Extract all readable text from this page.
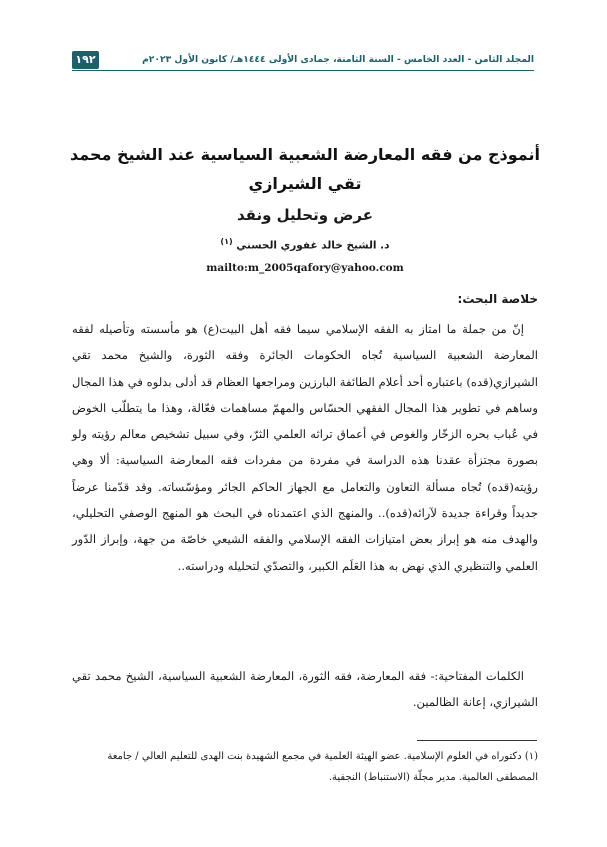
١٩٢	المجلد الثامن - العدد الخامس - السنة الثامنة، جمادى الأولى ١٤٤٤هـ/ كانون الأول ٢٠٢٣م
أنموذج من فقه المعارضة الشعبية السياسية عند الشيخ محمد تقي الشيرازي
عرض وتحليل ونقد
د. الشيخ خالد غفوري الحسني $^{(١)}$
mailto:m_2005qafory@yahoo.com
خلاصة البحث:

إنّ من جملة ما امتاز به الفقه الإسلامي سيما فقه أهل البيت(ع) هو مأسسته وتأصيله لفقه المعارضة الشعبية السياسية تُجاه الحكومات الجائرة وفقه الثورة، والشيخ محمد تقي الشيرازي(قده) باعتباره أحد أعلام الطائفة البارزين ومراجعها العظام قد أدلى بدلوه في هذا المجال وساهم في تطوير هذا المجال الفقهي الحسّاس والمهمّ مساهمات فعّالة، وهذا ما يتطلّب الخوض في عُباب بحره الزخّار والغوص في أعماق تراثه العلمي الثرّ، وفي سبيل تشخيص معالم رؤيته ولو بصورة مجتزأة عقدنا هذه الدراسة في مفردة من مفردات فقه المعارضة السياسية: ألا وهي رؤيته(قده) تُجاه مسألة التعاون والتعامل مع الجهاز الحاكم الجائر ومؤسّساته. وقد قدّمنا عرضاً جديداً وقراءة جديدة لآرائه(قده).. والمنهج الذي اعتمدناه في البحث هو المنهج الوصفي التحليلي، والهدف منه هو إبراز بعض امتيازات الفقه الإسلامي والفقه الشيعي خاصّة من جهة، وإبراز الدّور العلمي والتنظيري الذي نهض به هذا العَلَم الكبير، والتصدّي لتحليله ودراسته..

الكلمات المفتاحية:- فقه المعارضة، فقه الثورة، المعارضة الشعبية السياسية، الشيخ محمد تقي الشيرازي، إعانة الظالمين.

(١) دكتوراه في العلوم الإسلامية. عضو الهيئة العلمية في مجمع الشهيدة بنت الهدى للتعليم العالي / جامعة المصطفى العالمية. مدير مجلّة (الاستنباط) النجفية.
